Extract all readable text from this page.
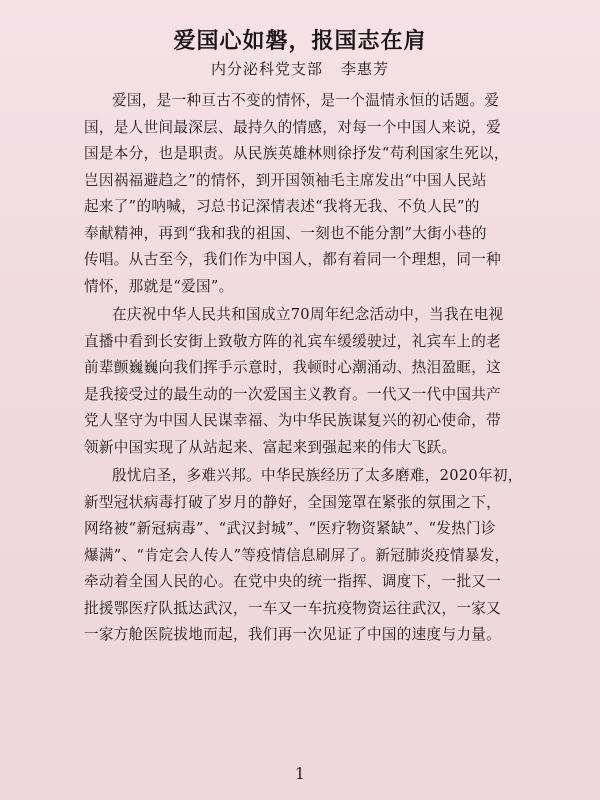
爱国心如磐，报国志在肩
内分泌科党支部 李惠芳
爱国，是一种亘古不变的情怀，是一个温情永恒的话题。爱
国，是人世间最深层、最持久的情感，对每一个中国人来说，爱
国是本分，也是职责。从民族英雄林则徐抒发“苟利国家生死以，
岂因祸福避趋之”的情怀，到开国领袖毛主席发出“中国人民站
起来了”的呐喊，习总书记深情表述“我将无我、不负人民”的
奉献精神，再到“我和我的祖国、一刻也不能分割”大街小巷的
传唱。从古至今，我们作为中国人，都有着同一个理想，同一种
情怀，那就是“爱国”。
在庆祝中华人民共和国成立70周年纪念活动中，当我在电视
直播中看到长安街上致敬方阵的礼宾车缓缓驶过，礼宾车上的老
前辈颤巍巍向我们挥手示意时，我顿时心潮涌动、热泪盈眶，这
是我接受过的最生动的一次爱国主义教育。一代又一代中国共产
党人坚守为中国人民谋幸福、为中华民族谋复兴的初心使命，带
领新中国实现了从站起来、富起来到强起来的伟大飞跃。
殷忧启圣，多难兴邦。中华民族经历了太多磨难，2020年初，
新型冠状病毒打破了岁月的静好，全国笼罩在紧张的氛围之下，
网络被“新冠病毒”、“武汉封城”、“医疗物资紧缺”、“发热门诊
爆满”、“肯定会人传人”等疫情信息刷屏了。新冠肺炎疫情暴发，
牵动着全国人民的心。在党中央的统一指挥、调度下，一批又一
批援鄂医疗队抵达武汉，一车又一车抗疫物资运往武汉，一家又
一家方舱医院拔地而起，我们再一次见证了中国的速度与力量。
1
